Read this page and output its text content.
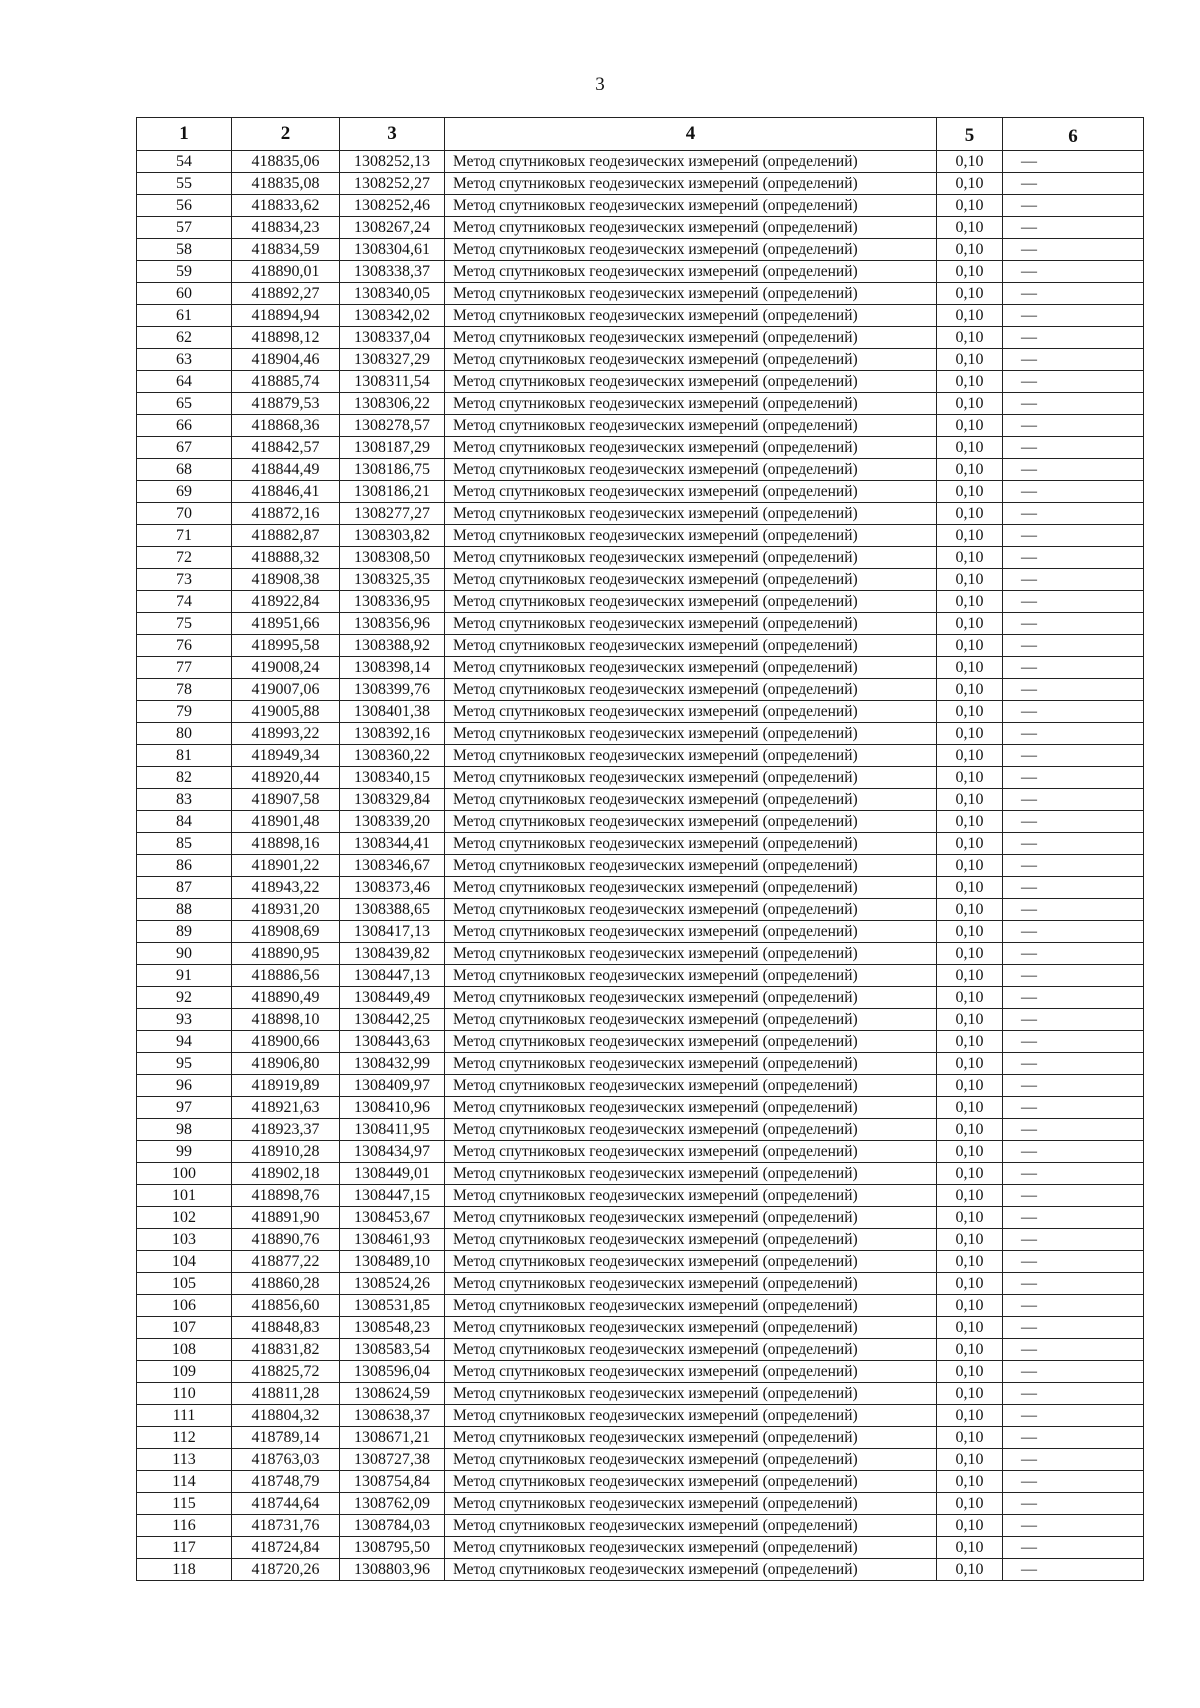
3
1	2	3	4	5	6
54	418835,06	1308252,13	Метод спутниковых геодезических измерений (определений)	0,10	—
55	418835,08	1308252,27	Метод спутниковых геодезических измерений (определений)	0,10	—
56	418833,62	1308252,46	Метод спутниковых геодезических измерений (определений)	0,10	—
57	418834,23	1308267,24	Метод спутниковых геодезических измерений (определений)	0,10	—
58	418834,59	1308304,61	Метод спутниковых геодезических измерений (определений)	0,10	—
59	418890,01	1308338,37	Метод спутниковых геодезических измерений (определений)	0,10	—
60	418892,27	1308340,05	Метод спутниковых геодезических измерений (определений)	0,10	—
61	418894,94	1308342,02	Метод спутниковых геодезических измерений (определений)	0,10	—
62	418898,12	1308337,04	Метод спутниковых геодезических измерений (определений)	0,10	—
63	418904,46	1308327,29	Метод спутниковых геодезических измерений (определений)	0,10	—
64	418885,74	1308311,54	Метод спутниковых геодезических измерений (определений)	0,10	—
65	418879,53	1308306,22	Метод спутниковых геодезических измерений (определений)	0,10	—
66	418868,36	1308278,57	Метод спутниковых геодезических измерений (определений)	0,10	—
67	418842,57	1308187,29	Метод спутниковых геодезических измерений (определений)	0,10	—
68	418844,49	1308186,75	Метод спутниковых геодезических измерений (определений)	0,10	—
69	418846,41	1308186,21	Метод спутниковых геодезических измерений (определений)	0,10	—
70	418872,16	1308277,27	Метод спутниковых геодезических измерений (определений)	0,10	—
71	418882,87	1308303,82	Метод спутниковых геодезических измерений (определений)	0,10	—
72	418888,32	1308308,50	Метод спутниковых геодезических измерений (определений)	0,10	—
73	418908,38	1308325,35	Метод спутниковых геодезических измерений (определений)	0,10	—
74	418922,84	1308336,95	Метод спутниковых геодезических измерений (определений)	0,10	—
75	418951,66	1308356,96	Метод спутниковых геодезических измерений (определений)	0,10	—
76	418995,58	1308388,92	Метод спутниковых геодезических измерений (определений)	0,10	—
77	419008,24	1308398,14	Метод спутниковых геодезических измерений (определений)	0,10	—
78	419007,06	1308399,76	Метод спутниковых геодезических измерений (определений)	0,10	—
79	419005,88	1308401,38	Метод спутниковых геодезических измерений (определений)	0,10	—
80	418993,22	1308392,16	Метод спутниковых геодезических измерений (определений)	0,10	—
81	418949,34	1308360,22	Метод спутниковых геодезических измерений (определений)	0,10	—
82	418920,44	1308340,15	Метод спутниковых геодезических измерений (определений)	0,10	—
83	418907,58	1308329,84	Метод спутниковых геодезических измерений (определений)	0,10	—
84	418901,48	1308339,20	Метод спутниковых геодезических измерений (определений)	0,10	—
85	418898,16	1308344,41	Метод спутниковых геодезических измерений (определений)	0,10	—
86	418901,22	1308346,67	Метод спутниковых геодезических измерений (определений)	0,10	—
87	418943,22	1308373,46	Метод спутниковых геодезических измерений (определений)	0,10	—
88	418931,20	1308388,65	Метод спутниковых геодезических измерений (определений)	0,10	—
89	418908,69	1308417,13	Метод спутниковых геодезических измерений (определений)	0,10	—
90	418890,95	1308439,82	Метод спутниковых геодезических измерений (определений)	0,10	—
91	418886,56	1308447,13	Метод спутниковых геодезических измерений (определений)	0,10	—
92	418890,49	1308449,49	Метод спутниковых геодезических измерений (определений)	0,10	—
93	418898,10	1308442,25	Метод спутниковых геодезических измерений (определений)	0,10	—
94	418900,66	1308443,63	Метод спутниковых геодезических измерений (определений)	0,10	—
95	418906,80	1308432,99	Метод спутниковых геодезических измерений (определений)	0,10	—
96	418919,89	1308409,97	Метод спутниковых геодезических измерений (определений)	0,10	—
97	418921,63	1308410,96	Метод спутниковых геодезических измерений (определений)	0,10	—
98	418923,37	1308411,95	Метод спутниковых геодезических измерений (определений)	0,10	—
99	418910,28	1308434,97	Метод спутниковых геодезических измерений (определений)	0,10	—
100	418902,18	1308449,01	Метод спутниковых геодезических измерений (определений)	0,10	—
101	418898,76	1308447,15	Метод спутниковых геодезических измерений (определений)	0,10	—
102	418891,90	1308453,67	Метод спутниковых геодезических измерений (определений)	0,10	—
103	418890,76	1308461,93	Метод спутниковых геодезических измерений (определений)	0,10	—
104	418877,22	1308489,10	Метод спутниковых геодезических измерений (определений)	0,10	—
105	418860,28	1308524,26	Метод спутниковых геодезических измерений (определений)	0,10	—
106	418856,60	1308531,85	Метод спутниковых геодезических измерений (определений)	0,10	—
107	418848,83	1308548,23	Метод спутниковых геодезических измерений (определений)	0,10	—
108	418831,82	1308583,54	Метод спутниковых геодезических измерений (определений)	0,10	—
109	418825,72	1308596,04	Метод спутниковых геодезических измерений (определений)	0,10	—
110	418811,28	1308624,59	Метод спутниковых геодезических измерений (определений)	0,10	—
111	418804,32	1308638,37	Метод спутниковых геодезических измерений (определений)	0,10	—
112	418789,14	1308671,21	Метод спутниковых геодезических измерений (определений)	0,10	—
113	418763,03	1308727,38	Метод спутниковых геодезических измерений (определений)	0,10	—
114	418748,79	1308754,84	Метод спутниковых геодезических измерений (определений)	0,10	—
115	418744,64	1308762,09	Метод спутниковых геодезических измерений (определений)	0,10	—
116	418731,76	1308784,03	Метод спутниковых геодезических измерений (определений)	0,10	—
117	418724,84	1308795,50	Метод спутниковых геодезических измерений (определений)	0,10	—
118	418720,26	1308803,96	Метод спутниковых геодезических измерений (определений)	0,10	—
